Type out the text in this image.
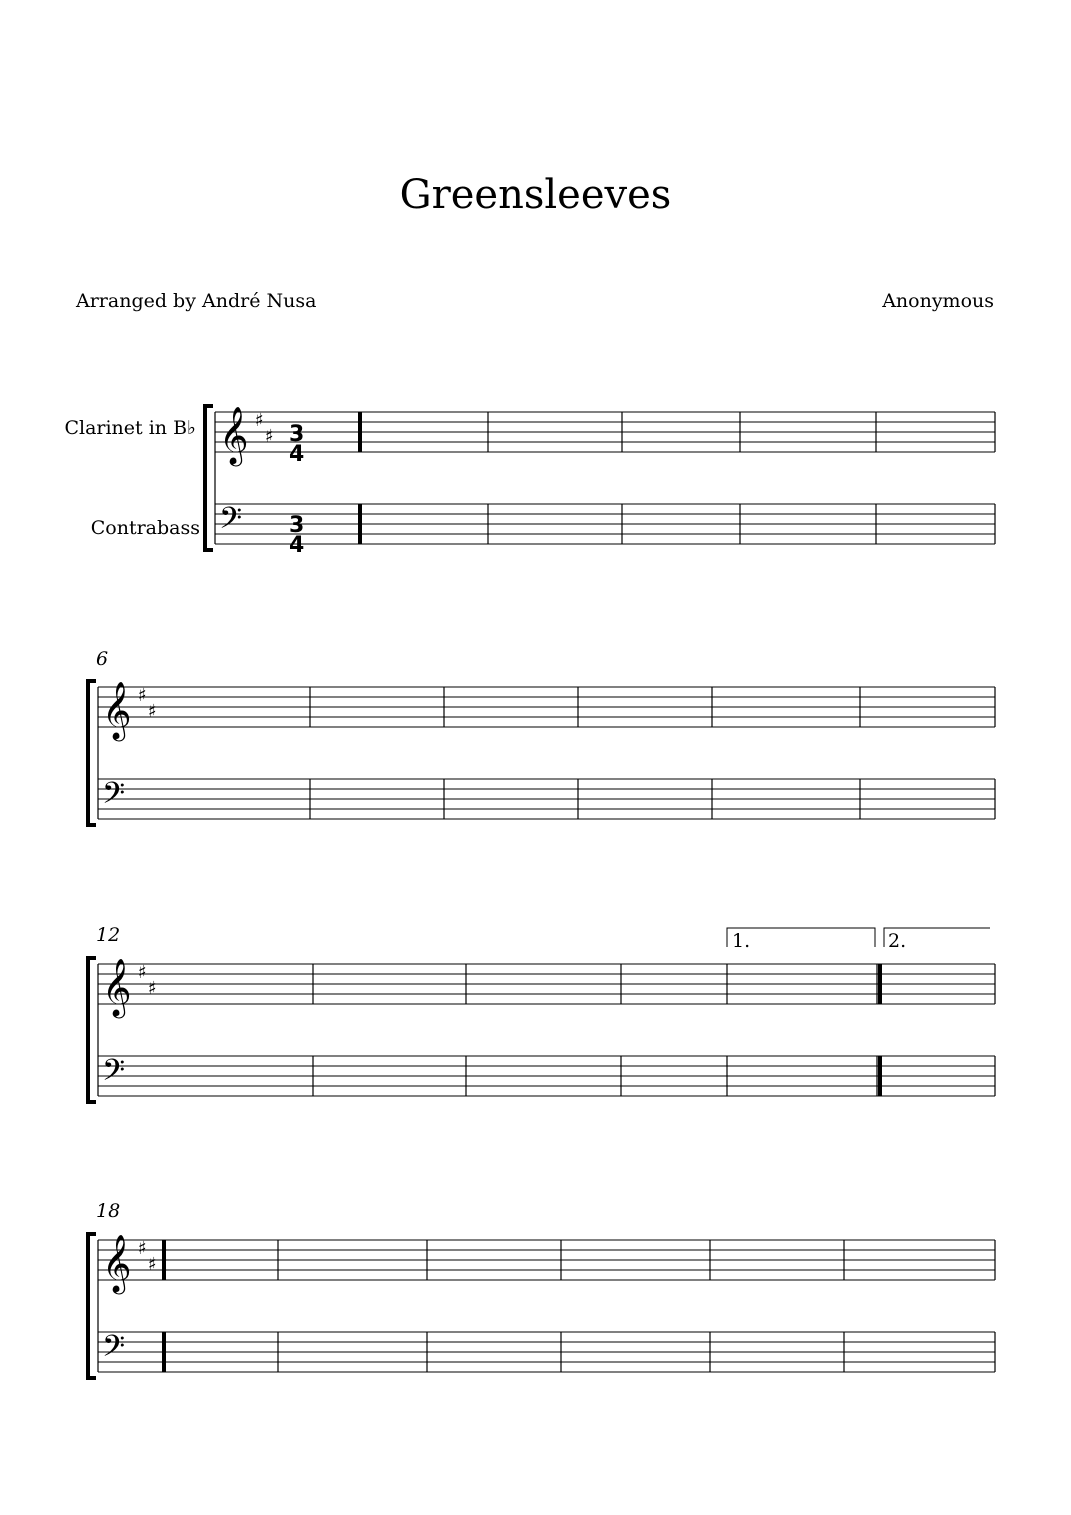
Greensleeves
Arranged by André Nusa	Anonymous
Clarinet in B♭
Contrabass
6
12
18
1.	2.
𝄞
𝄢
♯
♯
𝄞
𝄢
♯
♯
𝄞
𝄢
♯
♯
𝄞
𝄢
♯
♯
3
4
3
4
